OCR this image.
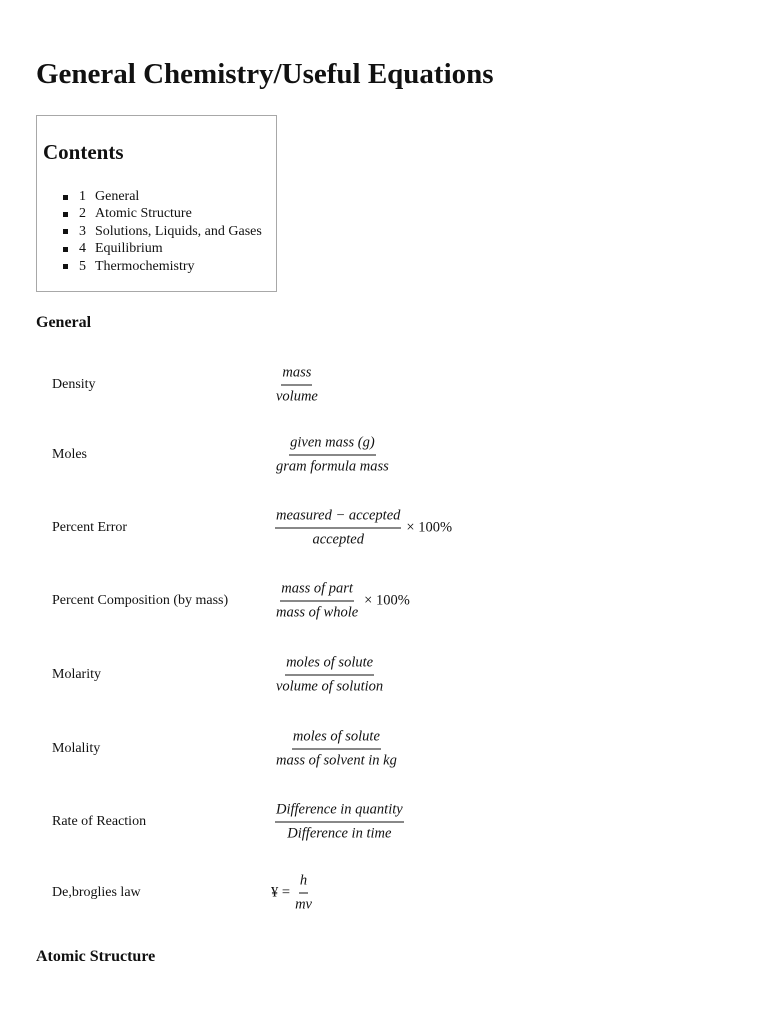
General Chemistry/Useful Equations
Contents
1 General
2 Atomic Structure
3 Solutions, Liquids, and Gases
4 Equilibrium
5 Thermochemistry
General
Density	$\frac{\text{mass}}{\text{volume}}$
Moles	$\frac{\text{given mass (g)}}{\text{gram formula mass}}$
Percent Error	$\frac{\text{measured − accepted}}{\text{accepted}} \times 100\%$
Percent Composition (by mass)	$\frac{\text{mass of part}}{\text{mass of whole}} \times 100\%$
Molarity	$\frac{\text{moles of solute}}{\text{volume of solution}}$
Molality	$\frac{\text{moles of solute}}{\text{mass of solvent in kg}}$
Rate of Reaction	$\frac{\text{Difference in quantity}}{\text{Difference in time}}$
De,broglies law	¥ = $\frac{h}{mv}$
Atomic Structure
